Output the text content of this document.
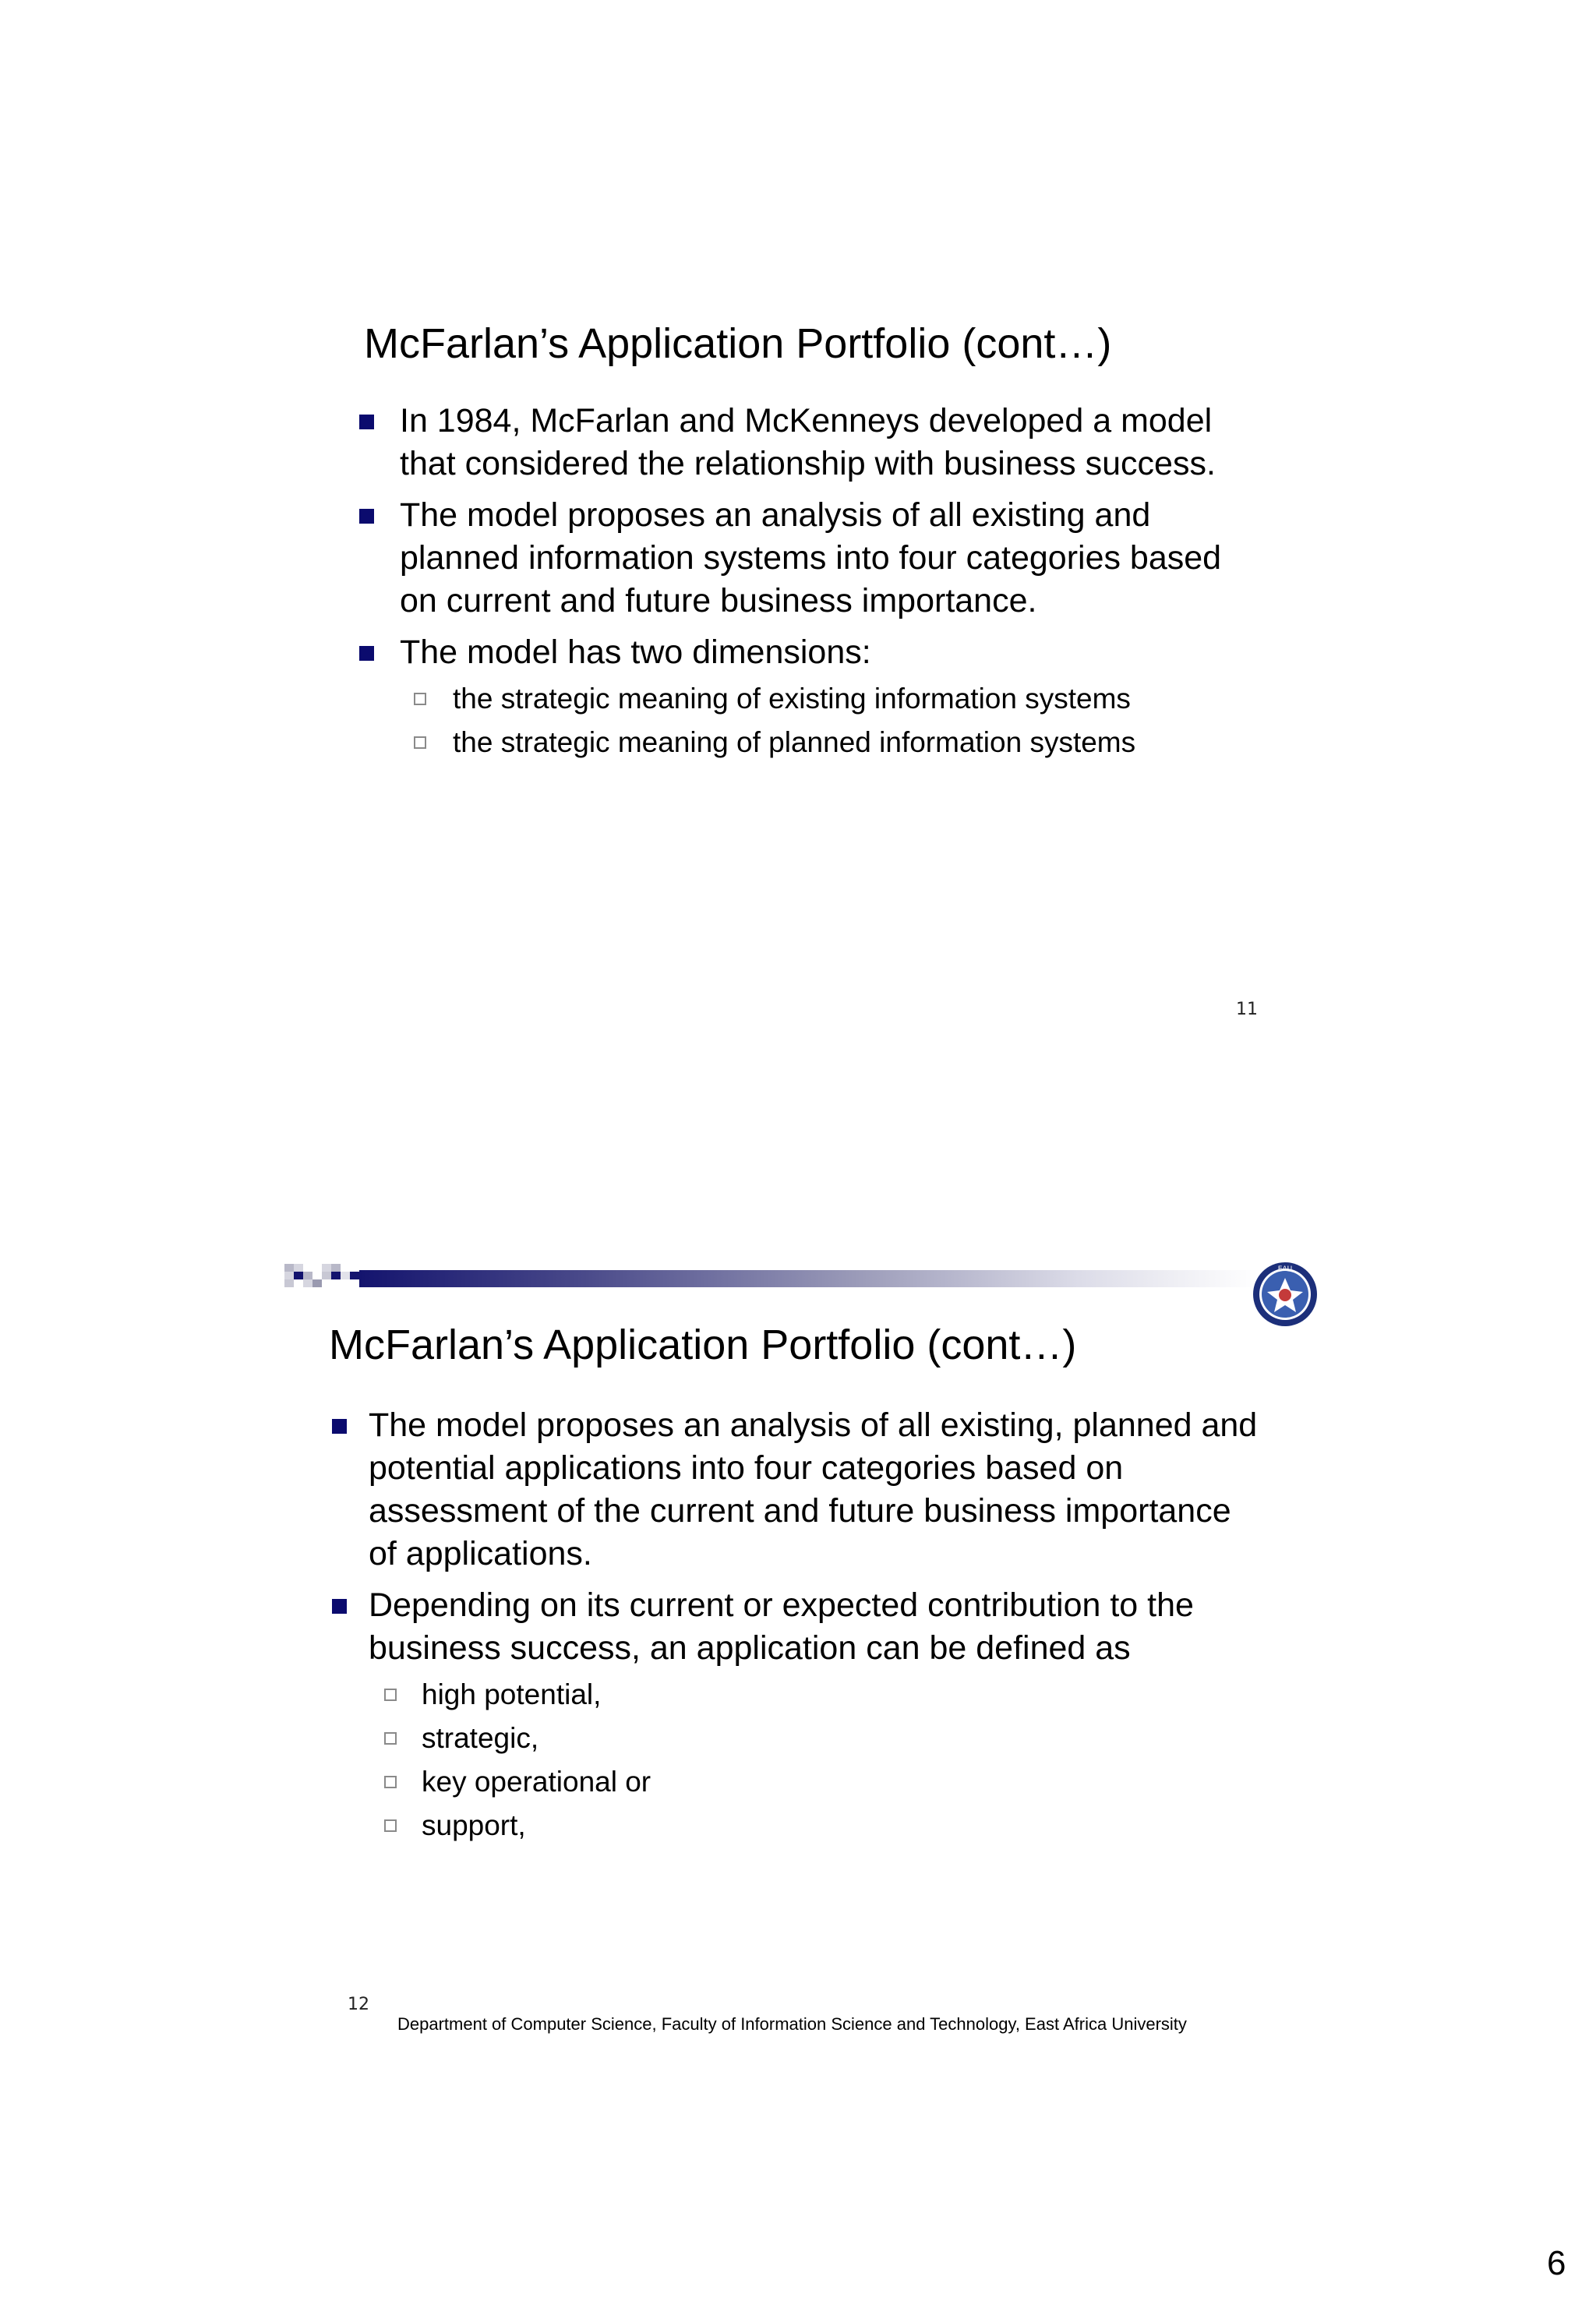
McFarlan’s Application Portfolio (cont…)
In 1984, McFarlan and McKenneys developed a model that considered the relationship with business success.
The model proposes an analysis of all existing and planned information systems into four categories based on current and future business importance.
The model has two dimensions:
the strategic meaning of existing information systems
the strategic meaning of planned information systems
11
EAU
McFarlan’s Application Portfolio (cont…)
The model proposes an analysis of all existing, planned and potential applications into four categories based on assessment of the current and future business importance of applications.
Depending on its current or expected contribution to the business success, an application can be defined as
high potential,
strategic,
key operational or
support,
12
Department of Computer Science, Faculty of Information Science and Technology, East Africa University
6
